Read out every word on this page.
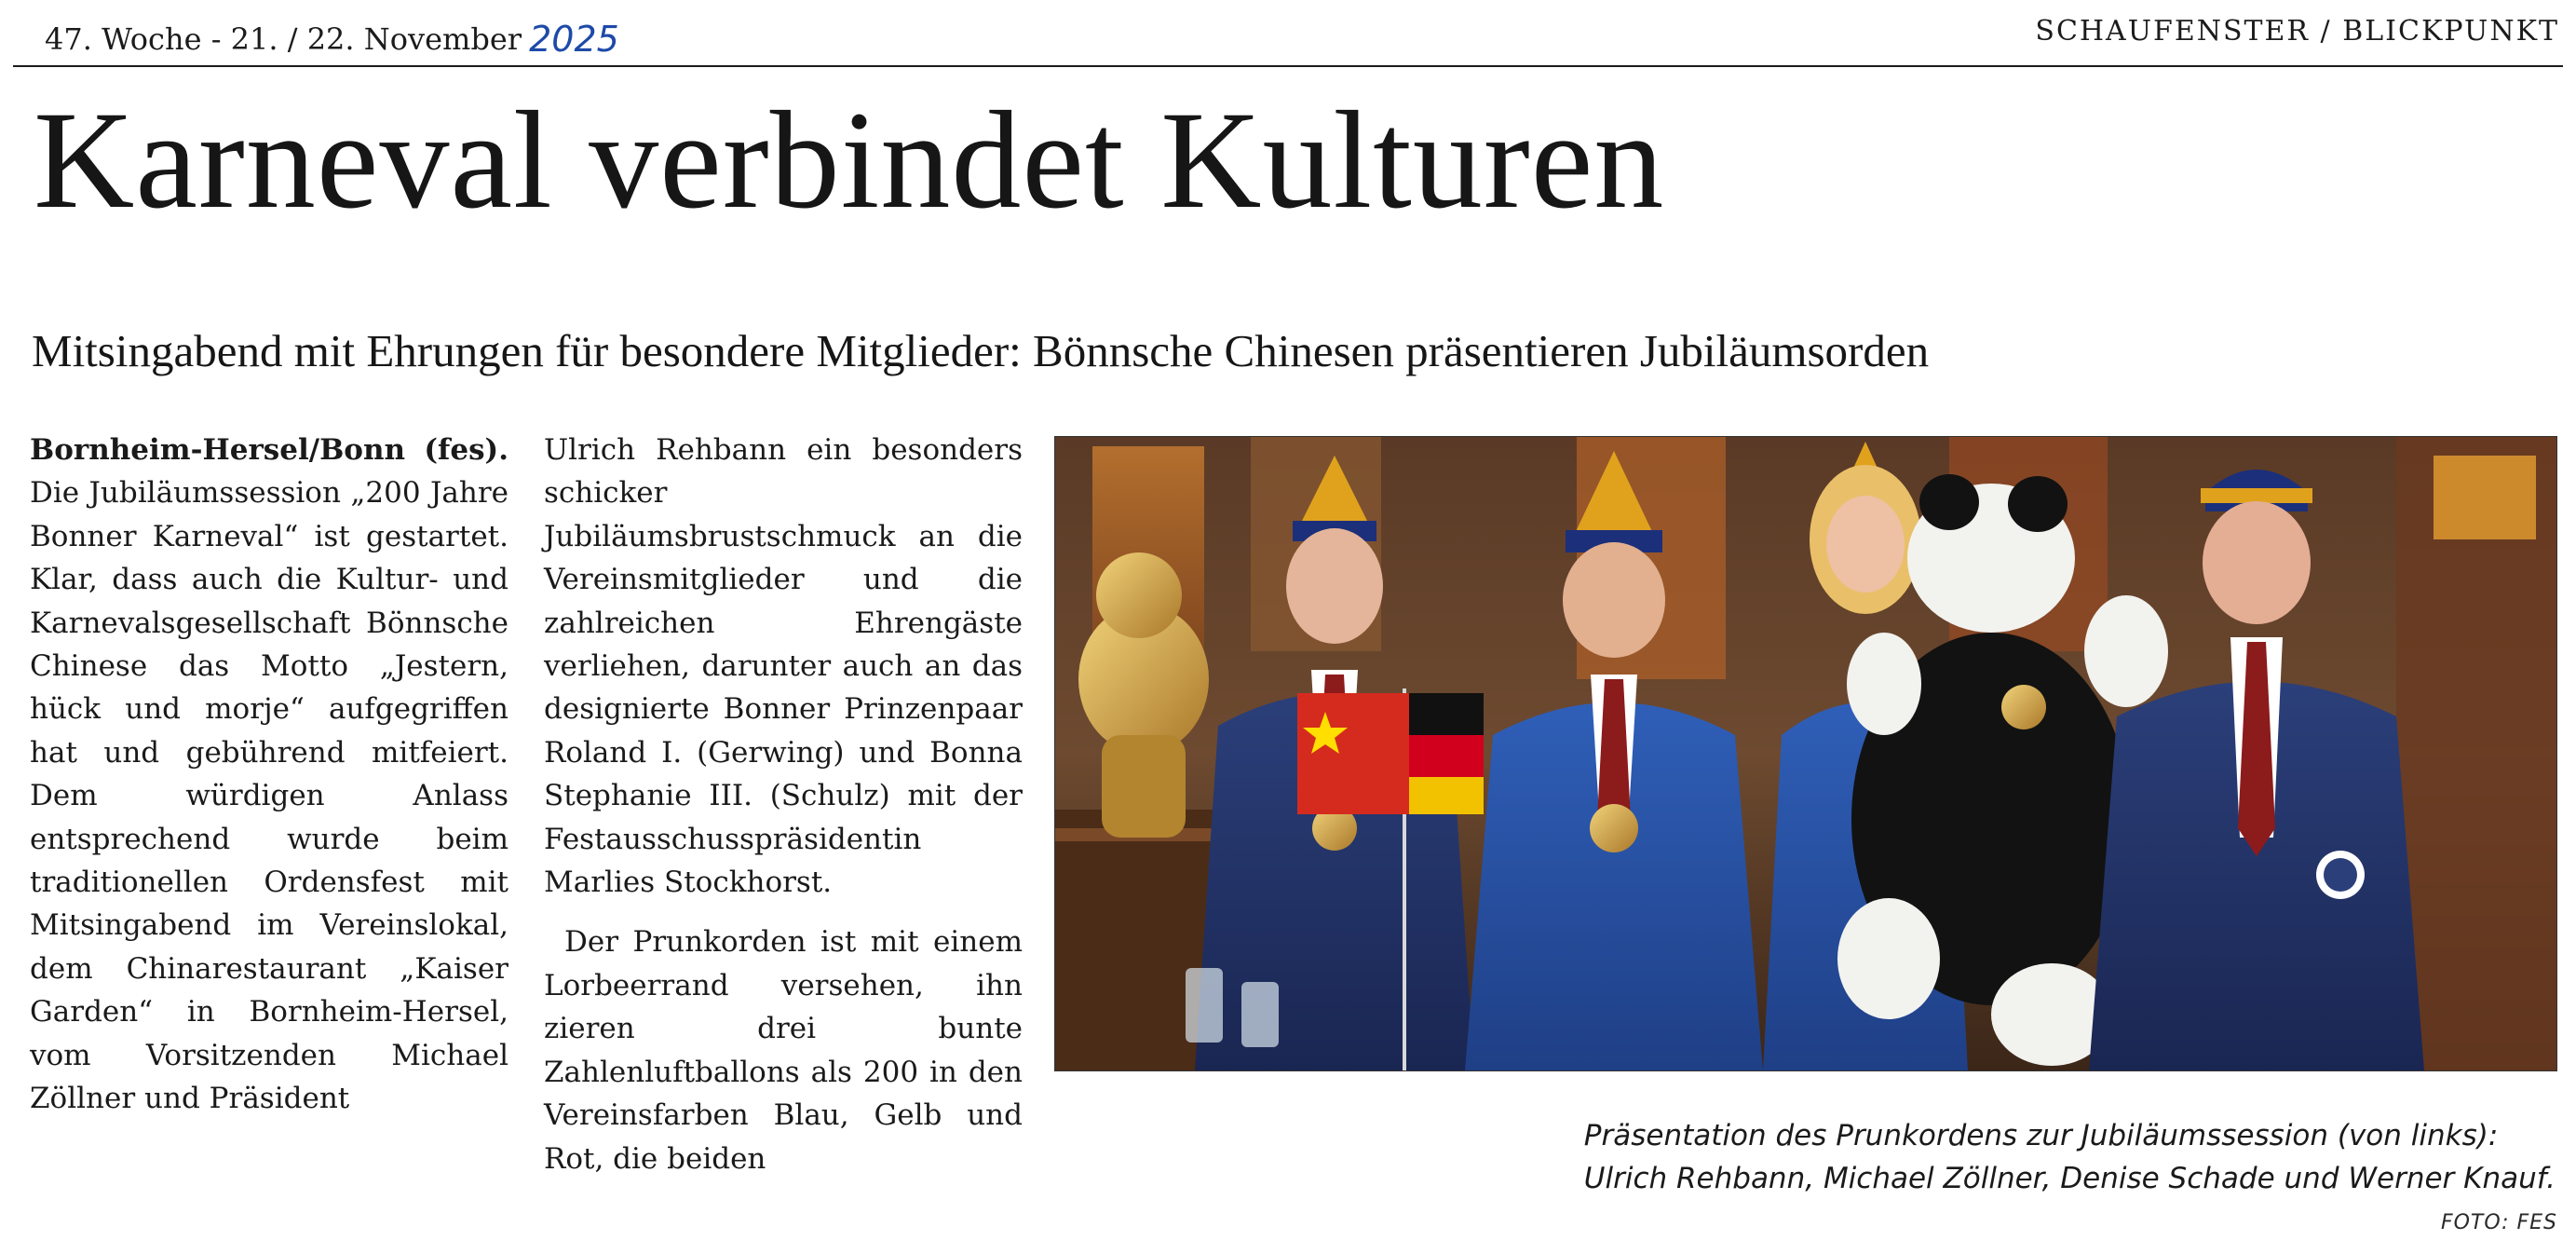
47. Woche - 21. / 22. November 2025	SCHAUFENSTER / BLICKPUNKT
Karneval verbindet Kulturen
Mitsingabend mit Ehrungen für besondere Mitglieder: Bönnsche Chinesen präsentieren Jubiläumsorden

Bornheim-Hersel/Bonn (fes). Die Jubiläumssession „200 Jahre Bonner Karneval“ ist gestartet. Klar, dass auch die Kultur- und Karnevalsgesellschaft Bönnsche Chinese das Motto „Jestern, hück und morje“ aufgegriffen hat und gebührend mitfeiert. Dem würdigen Anlass entsprechend wurde beim traditionellen Ordensfest mit Mitsingabend im Vereinslokal, dem Chinarestaurant „Kaiser Garden“ in Bornheim-Hersel, vom Vorsitzenden Michael Zöllner und Präsident

Ulrich Rehbann ein besonders schicker Jubiläumsbrustschmuck an die Vereinsmitglieder und die zahlreichen Ehrengäste verliehen, darunter auch an das designierte Bonner Prinzenpaar Roland I. (Gerwing) und Bonna Stephanie III. (Schulz) mit der Festausschusspräsidentin Marlies Stockhorst.

Der Prunkorden ist mit einem Lorbeerrand versehen, ihn zieren drei bunte Zahlenluftballons als 200 in den Vereinsfarben Blau, Gelb und Rot, die beiden

Präsentation des Prunkordens zur Jubiläumssession (von links):
Ulrich Rehbann, Michael Zöllner, Denise Schade und Werner Knauf.
FOTO: FES
